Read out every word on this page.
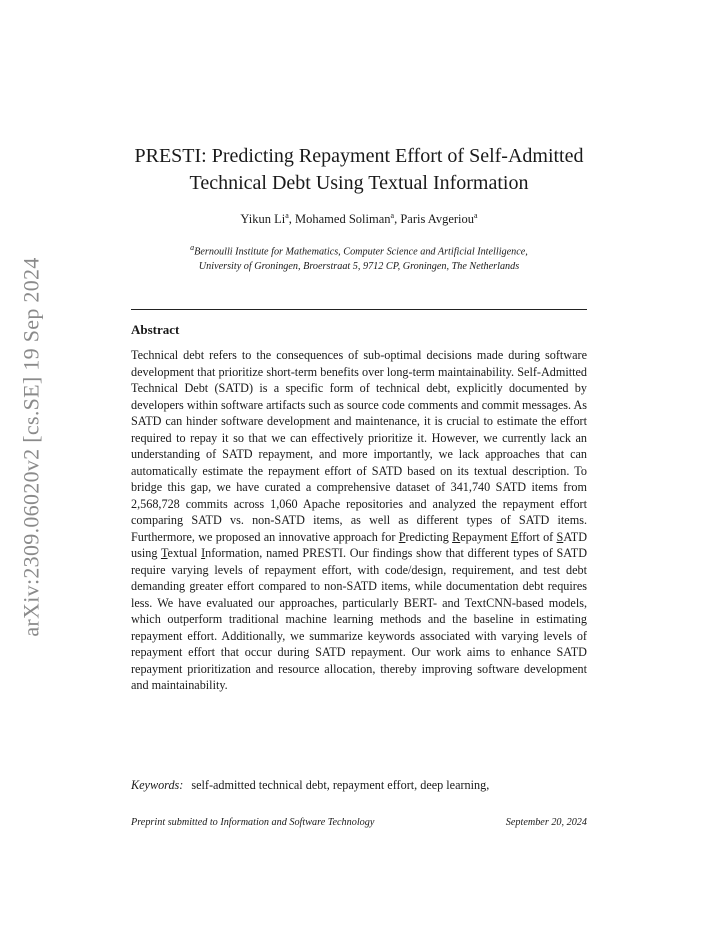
arXiv:2309.06020v2 [cs.SE] 19 Sep 2024
PRESTI: Predicting Repayment Effort of Self-Admitted Technical Debt Using Textual Information
Yikun Li$^a$, Mohamed Soliman$^a$, Paris Avgeriou$^a$
$^a$Bernoulli Institute for Mathematics, Computer Science and Artificial Intelligence,
University of Groningen, Broerstraat 5, 9712 CP, Groningen, The Netherlands
Abstract

Technical debt refers to the consequences of sub-optimal decisions made during software development that prioritize short-term benefits over long-term maintainability. Self-Admitted Technical Debt (SATD) is a specific form of technical debt, explicitly documented by developers within software artifacts such as source code comments and commit messages. As SATD can hinder software development and maintenance, it is crucial to estimate the effort required to repay it so that we can effectively prioritize it. However, we currently lack an understanding of SATD repayment, and more importantly, we lack approaches that can automatically estimate the repayment effort of SATD based on its textual description. To bridge this gap, we have curated a comprehensive dataset of 341,740 SATD items from 2,568,728 commits across 1,060 Apache repositories and analyzed the repayment effort comparing SATD vs. non-SATD items, as well as different types of SATD items. Furthermore, we proposed an innovative approach for Predicting Repayment Effort of SATD using Textual Information, named PRESTI. Our findings show that different types of SATD require varying levels of repayment effort, with code/design, requirement, and test debt demanding greater effort compared to non-SATD items, while documentation debt requires less. We have evaluated our approaches, particularly BERT- and TextCNN-based models, which outperform traditional machine learning methods and the baseline in estimating repayment effort. Additionally, we summarize keywords associated with varying levels of repayment effort that occur during SATD repayment. Our work aims to enhance SATD repayment prioritization and resource allocation, thereby improving software development and maintainability.

Keywords: self-admitted technical debt, repayment effort, deep learning,
Preprint submitted to Information and Software Technology	September 20, 2024
